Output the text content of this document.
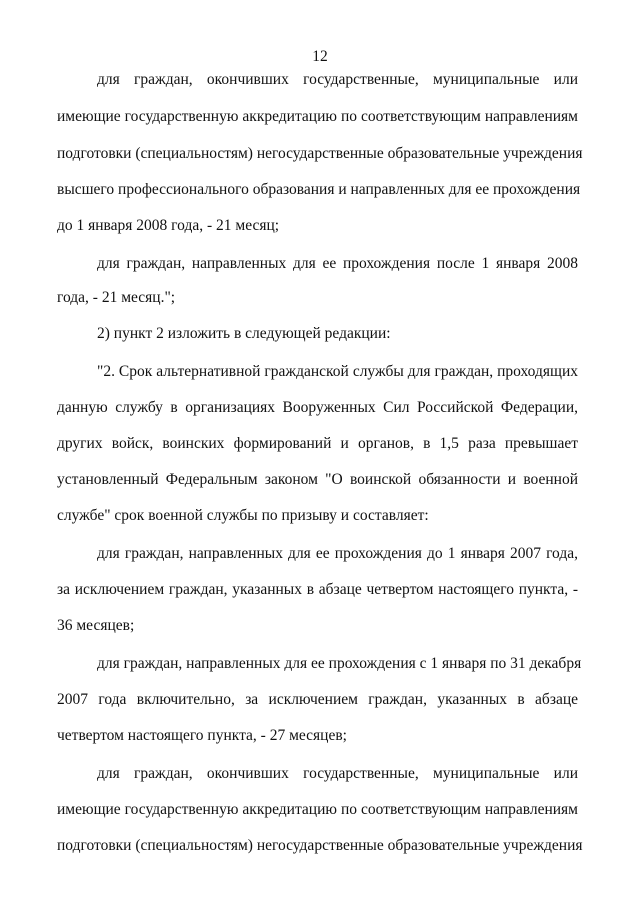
12
для граждан, окончивших государственные, муниципальные или
имеющие государственную аккредитацию по соответствующим направлениям
подготовки (специальностям) негосударственные образовательные учреждения
высшего профессионального образования и направленных для ее прохождения
до 1 января 2008 года, - 21 месяц;
для граждан, направленных для ее прохождения после 1 января 2008
года, - 21 месяц.";
2) пункт 2 изложить в следующей редакции:
"2. Срок альтернативной гражданской службы для граждан, проходящих
данную службу в организациях Вооруженных Сил Российской Федерации,
других войск, воинских формирований и органов, в 1,5 раза превышает
установленный Федеральным законом "О воинской обязанности и военной
службе" срок военной службы по призыву и составляет:
для граждан, направленных для ее прохождения до 1 января 2007 года,
за исключением граждан, указанных в абзаце четвертом настоящего пункта, -
36 месяцев;
для граждан, направленных для ее прохождения с 1 января по 31 декабря
2007 года включительно, за исключением граждан, указанных в абзаце
четвертом настоящего пункта, - 27 месяцев;
для граждан, окончивших государственные, муниципальные или
имеющие государственную аккредитацию по соответствующим направлениям
подготовки (специальностям) негосударственные образовательные учреждения
